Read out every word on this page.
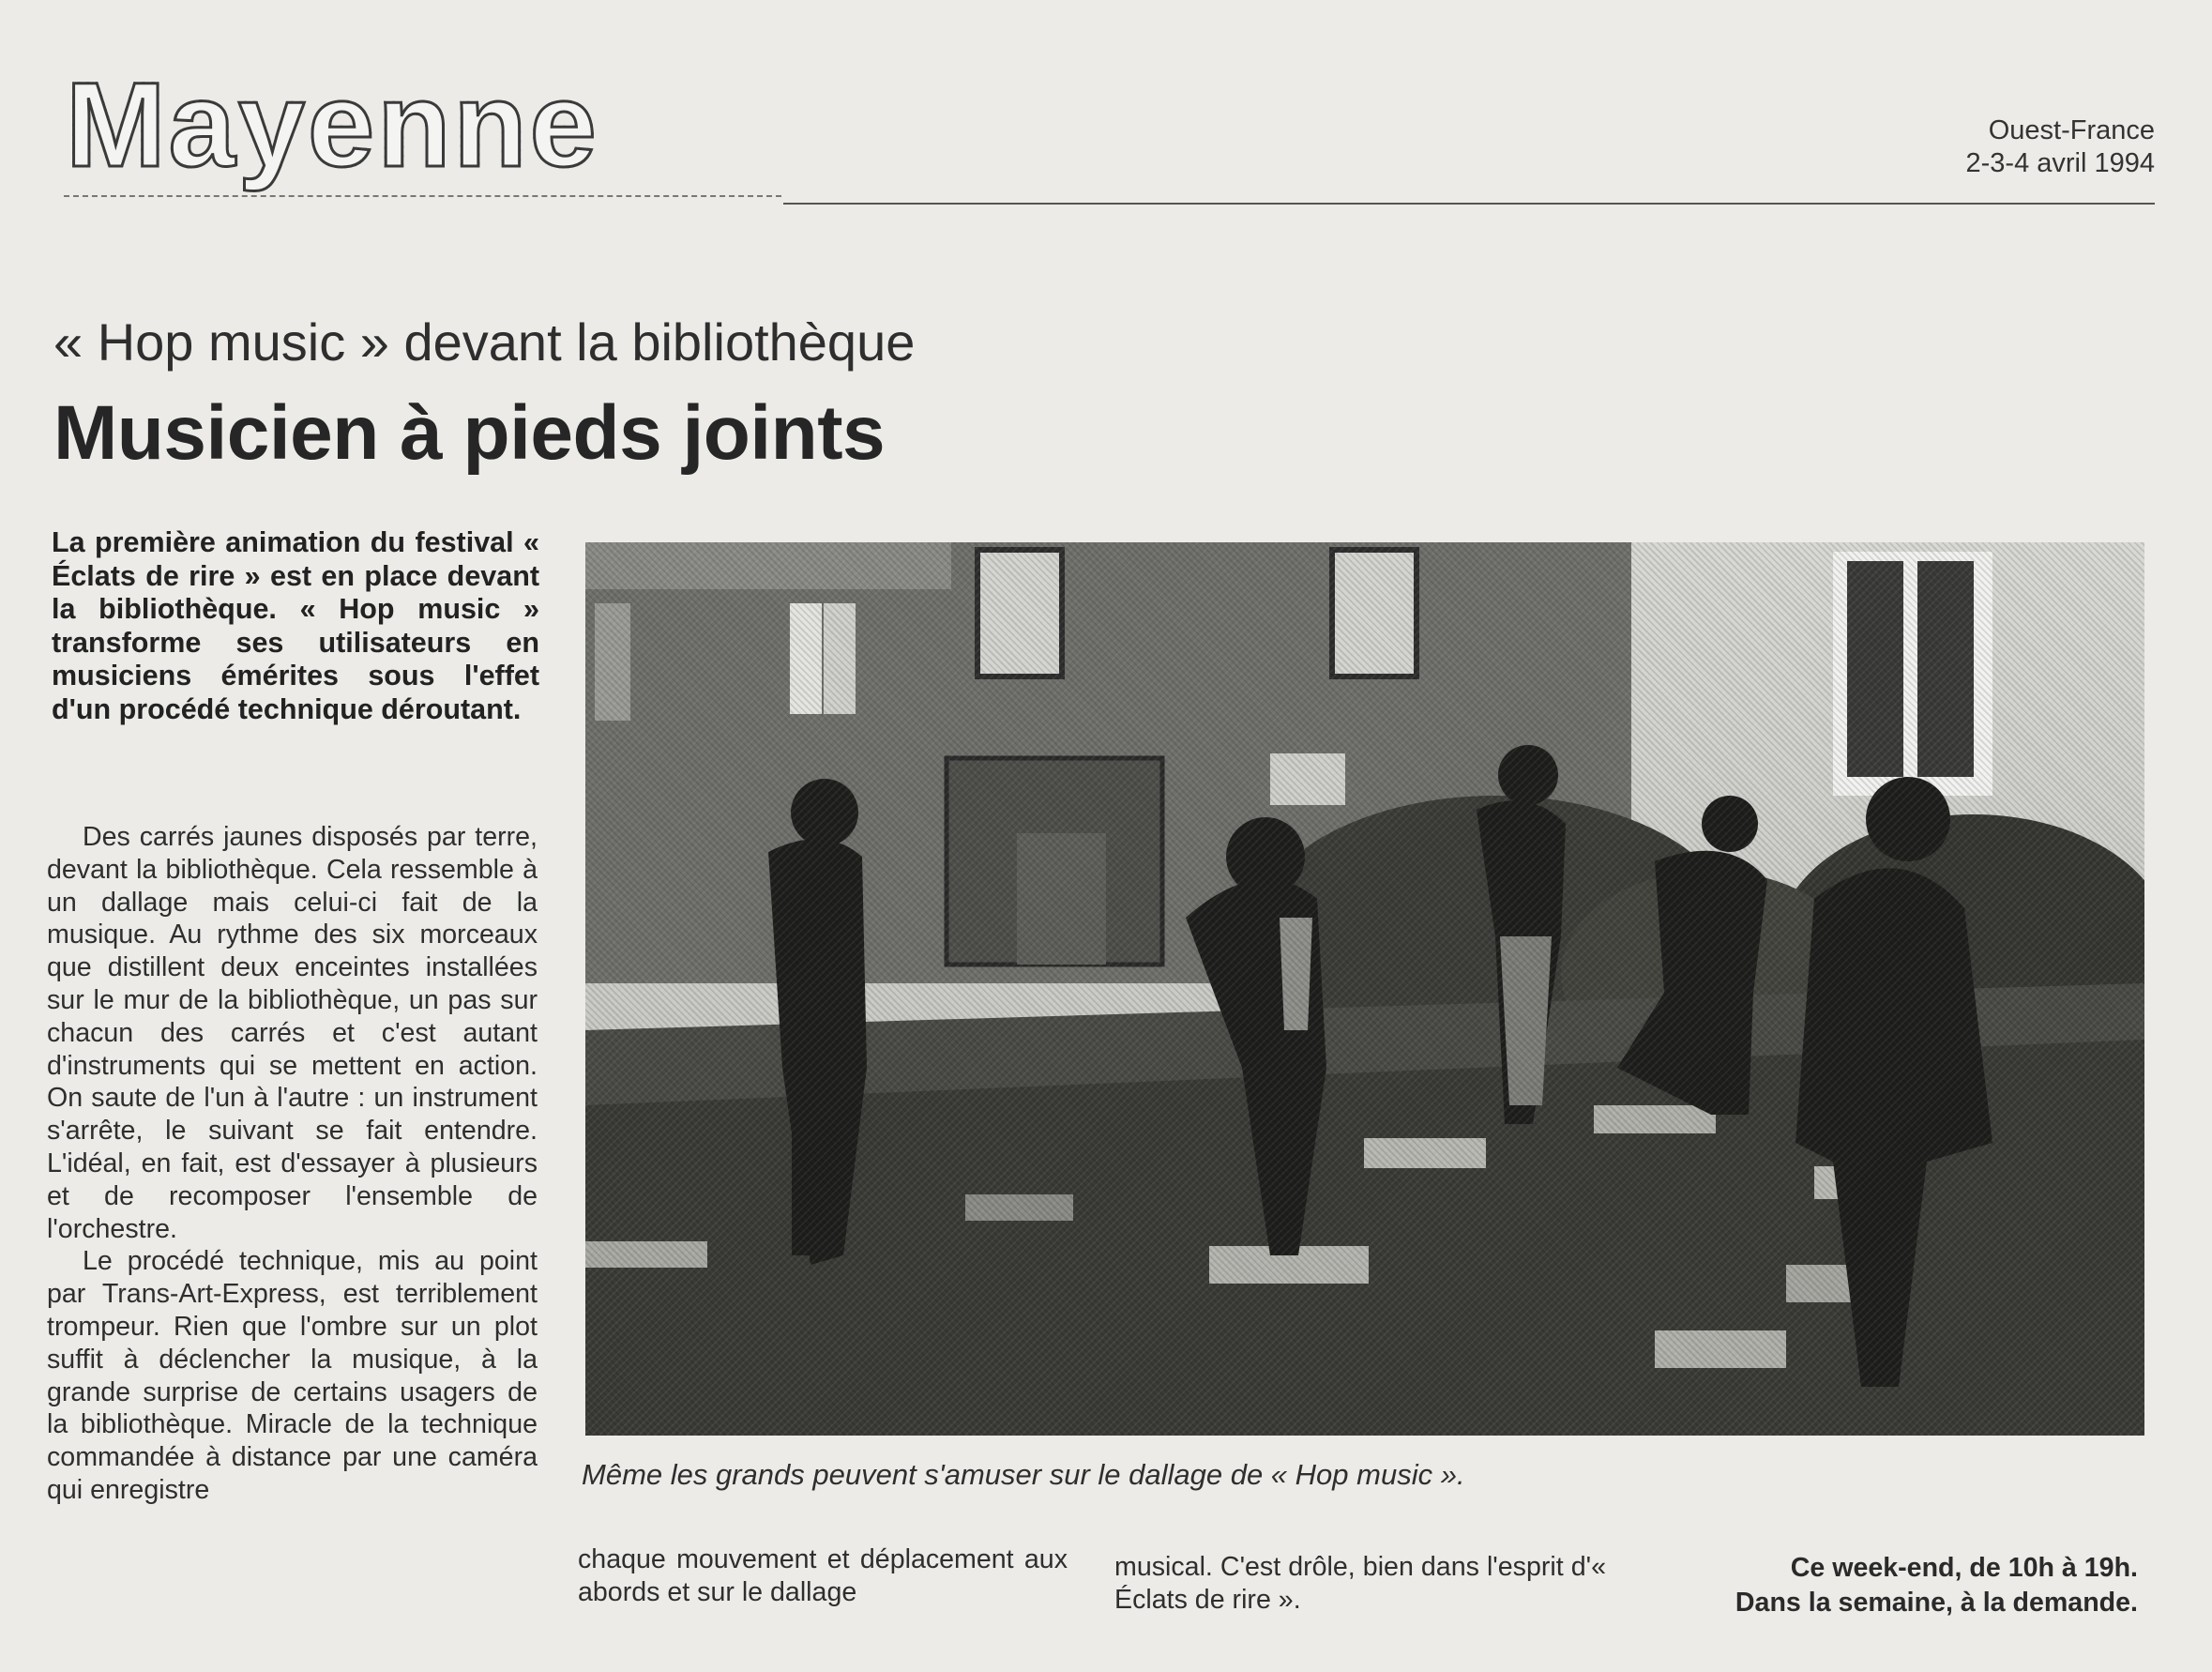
Mayenne	Ouest-France
2-3-4 avril 1994
« Hop music » devant la bibliothèque
Musicien à pieds joints
La première animation du festival « Éclats de rire » est en place devant la bibliothèque. « Hop music » transforme ses utilisateurs en musiciens émérites sous l'effet d'un procédé technique déroutant.

Des carrés jaunes disposés par terre, devant la bibliothèque. Cela ressemble à un dallage mais celui-ci fait de la musique. Au rythme des six morceaux que distillent deux enceintes installées sur le mur de la bibliothèque, un pas sur chacun des carrés et c'est autant d'instruments qui se mettent en action. On saute de l'un à l'autre : un instrument s'arrête, le suivant se fait entendre. L'idéal, en fait, est d'essayer à plusieurs et de recomposer l'ensemble de l'orchestre.

Le procédé technique, mis au point par Trans-Art-Express, est terriblement trompeur. Rien que l'ombre sur un plot suffit à déclencher la musique, à la grande surprise de certains usagers de la bibliothèque. Miracle de la technique commandée à distance par une caméra qui enregistre	Même les grands peuvent s'amuser sur le dallage de « Hop music ».
chaque mouvement et déplacement aux abords et sur le dallage
musical. C'est drôle, bien dans l'esprit d'« Éclats de rire ».
Ce week-end, de 10h à 19h.
Dans la semaine, à la demande.
